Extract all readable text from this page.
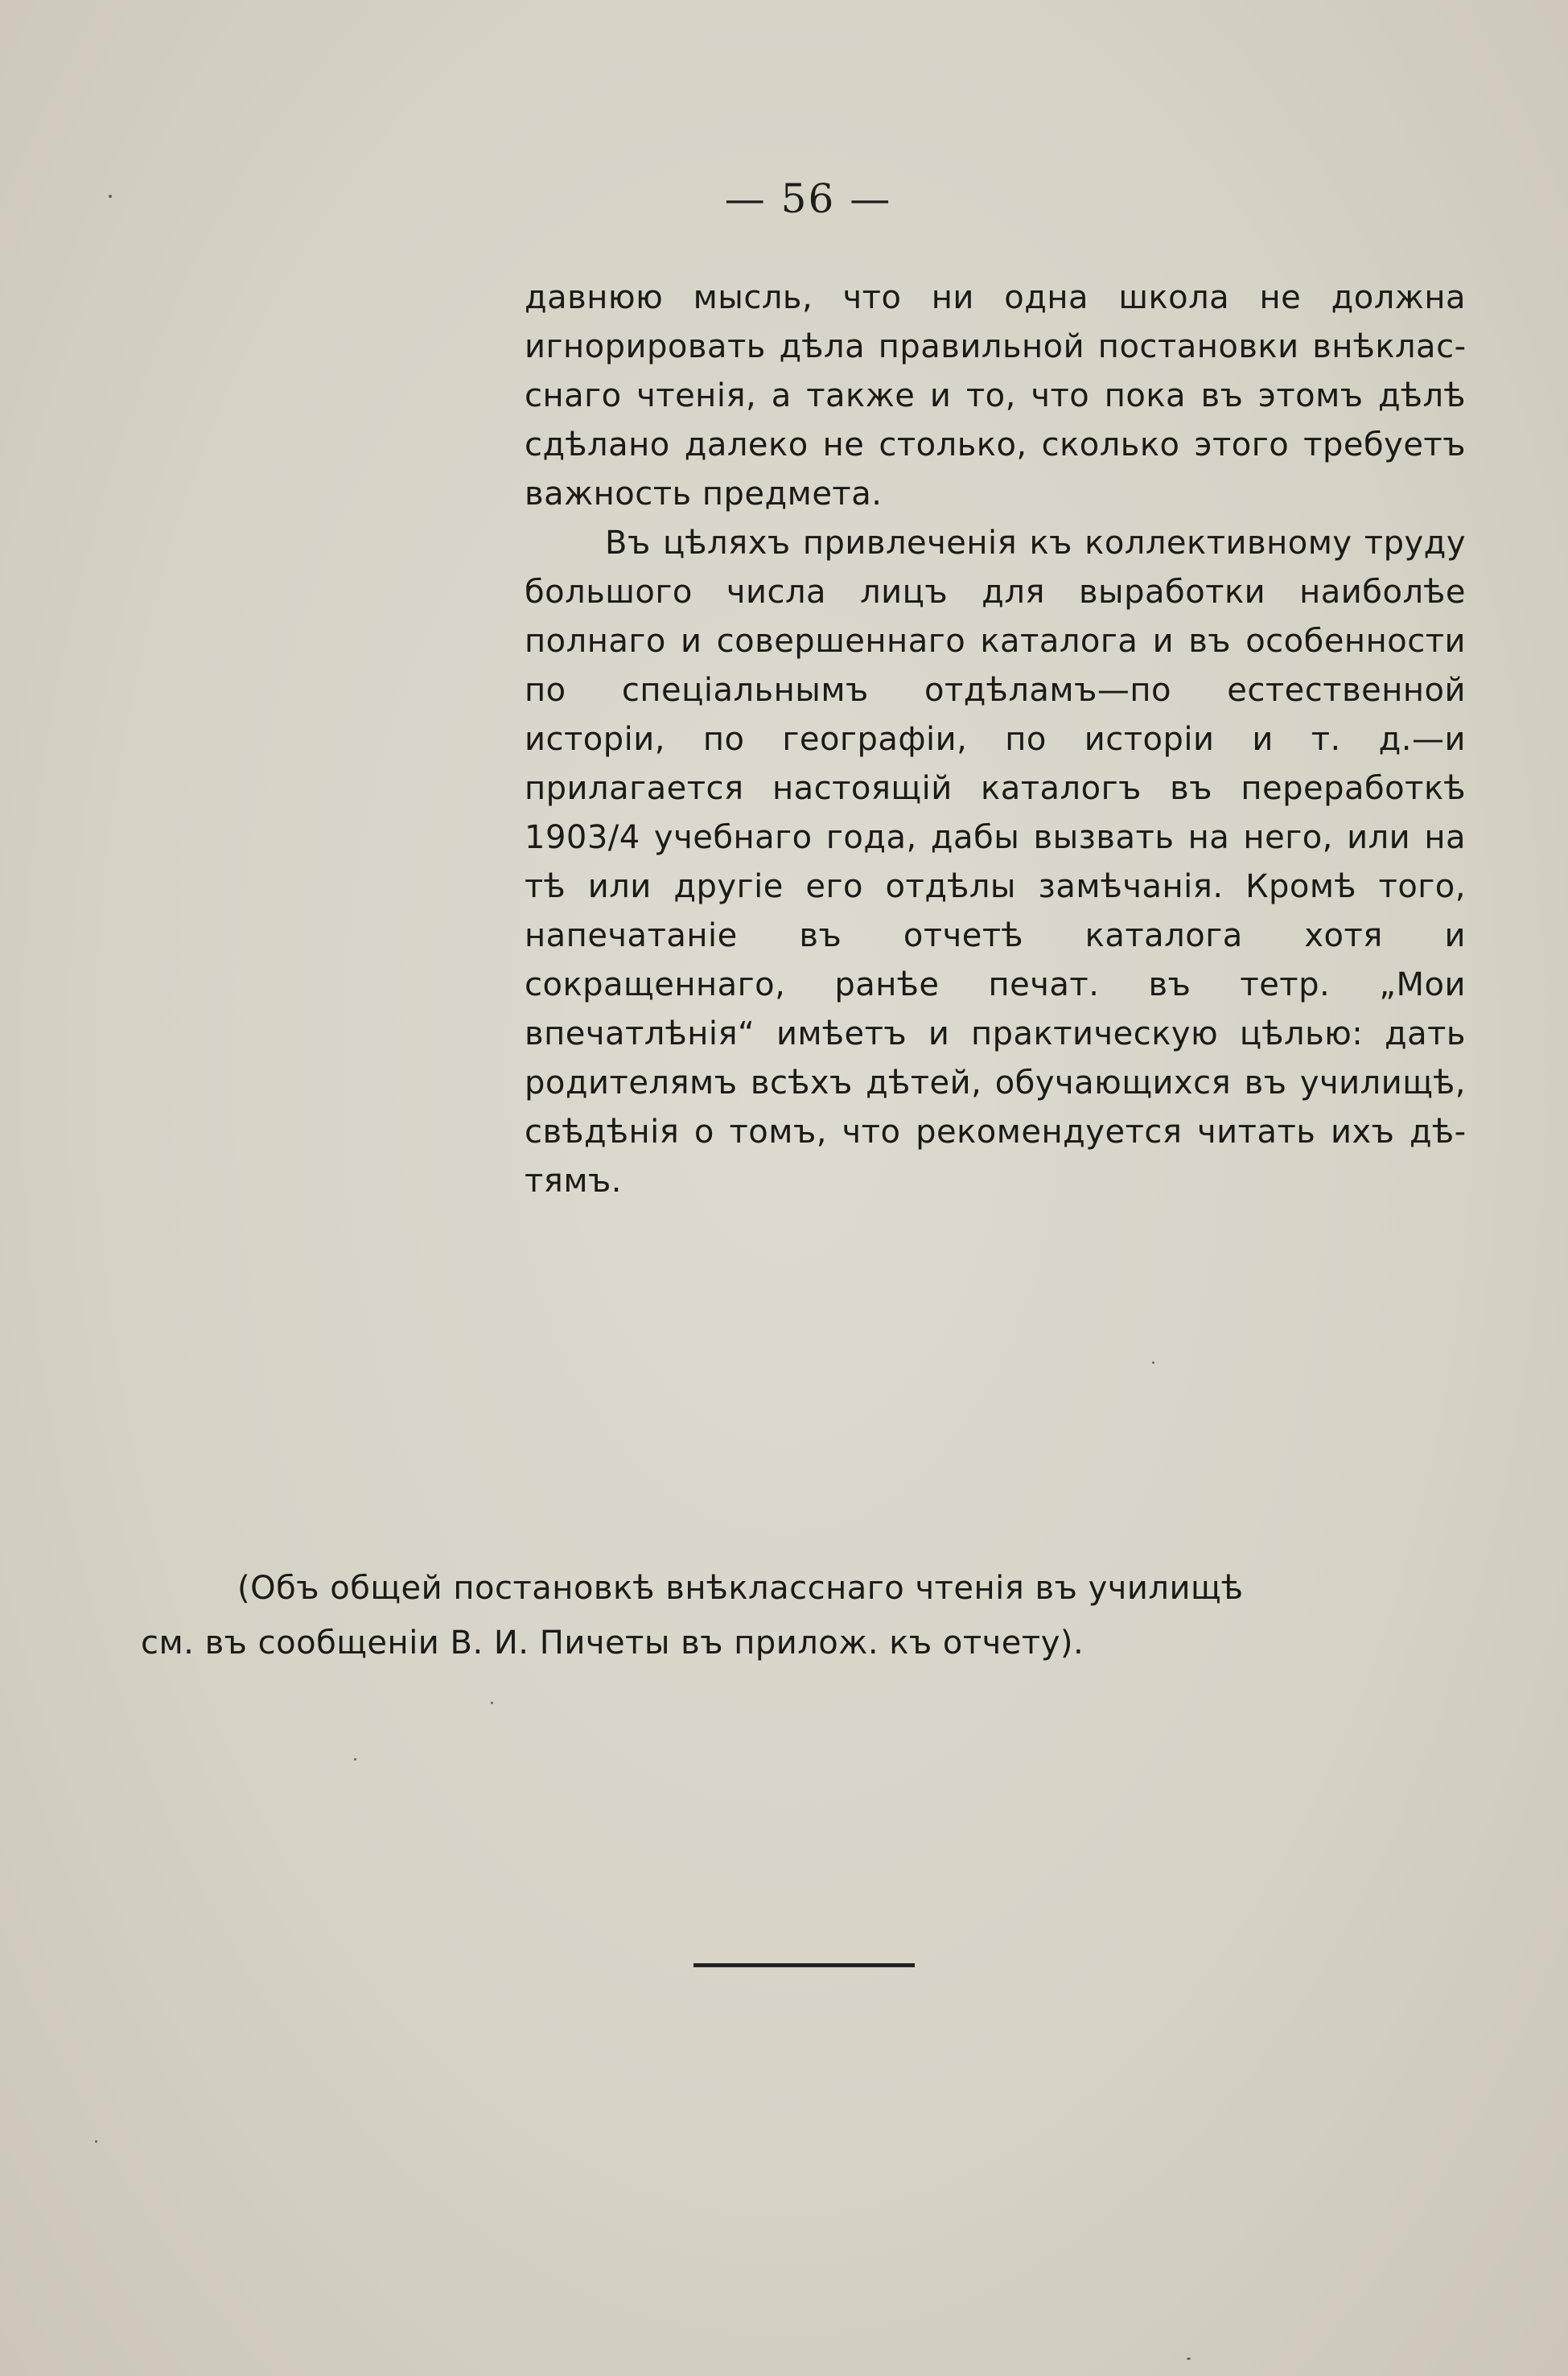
— 56 —

давнюю мысль, что ни одна школа не должна игнорировать дѣла правильной постановки внѣкласснаго чтенія, а также и то, что пока въ этомъ дѣлѣ сдѣлано далеко не столько, сколько этого требуетъ важность предмета.

Въ цѣляхъ привлеченія къ коллективному труду большого числа лицъ для выработки наиболѣе полнаго и совершеннаго каталога и въ особенности по спеціальнымъ отдѣламъ—по естественной исторіи, по географіи, по исторіи и т. д.—и прилагается настоящій каталогъ въ переработкѣ 1903/4 учебнаго года, дабы вызвать на него, или на тѣ или другіе его отдѣлы замѣчанія. Кромѣ того, напечатаніе въ отчетѣ каталога хотя и сокращеннаго, ранѣе печат. въ тетр. „Мои впечатлѣнія“ имѣетъ и практическую цѣлью: дать родителямъ всѣхъ дѣтей, обучающихся въ училищѣ, свѣдѣнія о томъ, что рекомендуется читать ихъ дѣтямъ.

(Объ общей постановкѣ внѣкласснаго чтенія въ училищѣ
см. въ сообщеніи В. И. Пичеты въ прилож. къ отчету).
